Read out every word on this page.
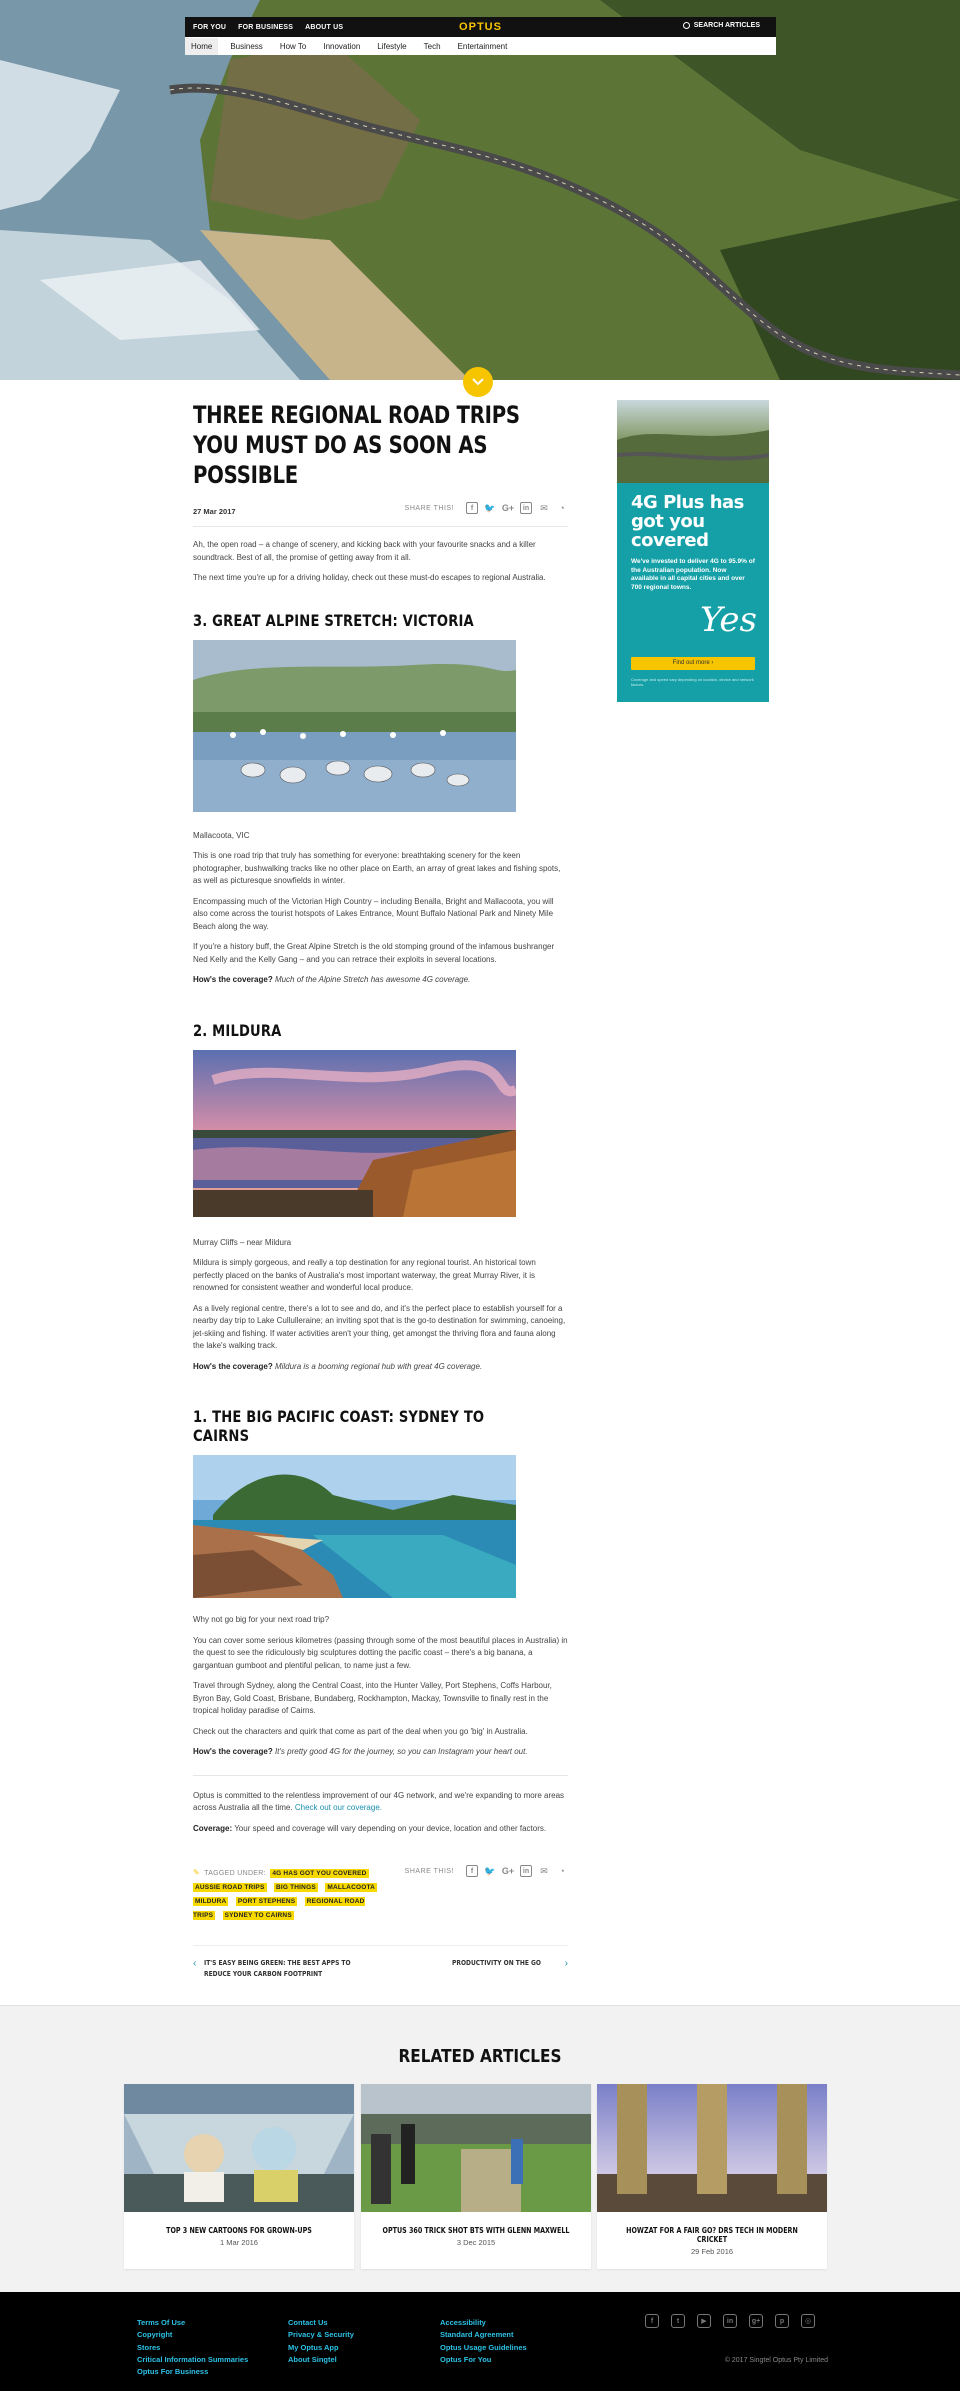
FOR YOU FOR BUSINESS ABOUT US	OPTUS	SEARCH ARTICLES
Home	Business How To Innovation Lifestyle Tech Entertainment
THREE REGIONAL ROAD TRIPS YOU MUST DO AS SOON AS POSSIBLE
27 Mar 2017	SHARE THIS!	f	🐦 G+	in	✉	◔

Ah, the open road – a change of scenery, and kicking back with your favourite snacks and a killer soundtrack. Best of all, the promise of getting away from it all.

The next time you're up for a driving holiday, check out these must-do escapes to regional Australia.

3. GREAT ALPINE STRETCH: VICTORIA

Mallacoota, VIC

This is one road trip that truly has something for everyone: breathtaking scenery for the keen photographer, bushwalking tracks like no other place on Earth, an array of great lakes and fishing spots, as well as picturesque snowfields in winter.

Encompassing much of the Victorian High Country – including Benalla, Bright and Mallacoota, you will also come across the tourist hotspots of Lakes Entrance, Mount Buffalo National Park and Ninety Mile Beach along the way.

If you're a history buff, the Great Alpine Stretch is the old stomping ground of the infamous bushranger Ned Kelly and the Kelly Gang – and you can retrace their exploits in several locations.

How's the coverage? Much of the Alpine Stretch has awesome 4G coverage.

2. MILDURA

Murray Cliffs – near Mildura

Mildura is simply gorgeous, and really a top destination for any regional tourist. An historical town perfectly placed on the banks of Australia's most important waterway, the great Murray River, it is renowned for consistent weather and wonderful local produce.

As a lively regional centre, there's a lot to see and do, and it's the perfect place to establish yourself for a nearby day trip to Lake Cullulleraine; an inviting spot that is the go-to destination for swimming, canoeing, jet-skiing and fishing. If water activities aren't your thing, get amongst the thriving flora and fauna along the lake's walking track.

How's the coverage? Mildura is a booming regional hub with great 4G coverage.

1. THE BIG PACIFIC COAST: SYDNEY TO CAIRNS

Why not go big for your next road trip?

You can cover some serious kilometres (passing through some of the most beautiful places in Australia) in the quest to see the ridiculously big sculptures dotting the pacific coast – there's a big banana, a gargantuan gumboot and plentiful pelican, to name just a few.

Travel through Sydney, along the Central Coast, into the Hunter Valley, Port Stephens, Coffs Harbour, Byron Bay, Gold Coast, Brisbane, Bundaberg, Rockhampton, Mackay, Townsville to finally rest in the tropical holiday paradise of Cairns.

Check out the characters and quirk that come as part of the deal when you go 'big' in Australia.

How's the coverage? It's pretty good 4G for the journey, so you can Instagram your heart out.

Optus is committed to the relentless improvement of our 4G network, and we're expanding to more areas across Australia all the time. Check out our coverage.

Coverage: Your speed and coverage will vary depending on your device, location and other factors.

4G Plus has got you covered
We've invested to deliver 4G to 95.9% of the Australian population. Now available in all capital cities and over 700 regional towns.
Yes
Find out more ›
Coverage and speed vary depending on location, device and network factors.
✎ TAGGED UNDER: 4G HAS GOT YOU COVERED AUSSIE ROAD TRIPS BIG THINGS MALLACOOTA MILDURA PORT STEPHENS REGIONAL ROAD TRIPS SYDNEY TO CAIRNS
SHARE THIS!	f	🐦 G+	in	✉	◔
‹ IT'S EASY BEING GREEN: THE BEST APPS TO REDUCE YOUR CARBON FOOTPRINT
PRODUCTIVITY ON THE GO ›
RELATED ARTICLES
TOP 3 NEW CARTOONS FOR GROWN-UPS
1 Mar 2016
OPTUS 360 TRICK SHOT BTS WITH GLENN MAXWELL
3 Dec 2015
HOWZAT FOR A FAIR GO? DRS TECH IN MODERN CRICKET
29 Feb 2016
Terms Of Use
Copyright
Stores
Critical Information Summaries
Optus For Business
Contact Us
Privacy & Security
My Optus App
About Singtel
Accessibility
Standard Agreement
Optus Usage Guidelines
Optus For You
f	t	▶	in	g+	p	◎
© 2017 Singtel Optus Pty Limited
